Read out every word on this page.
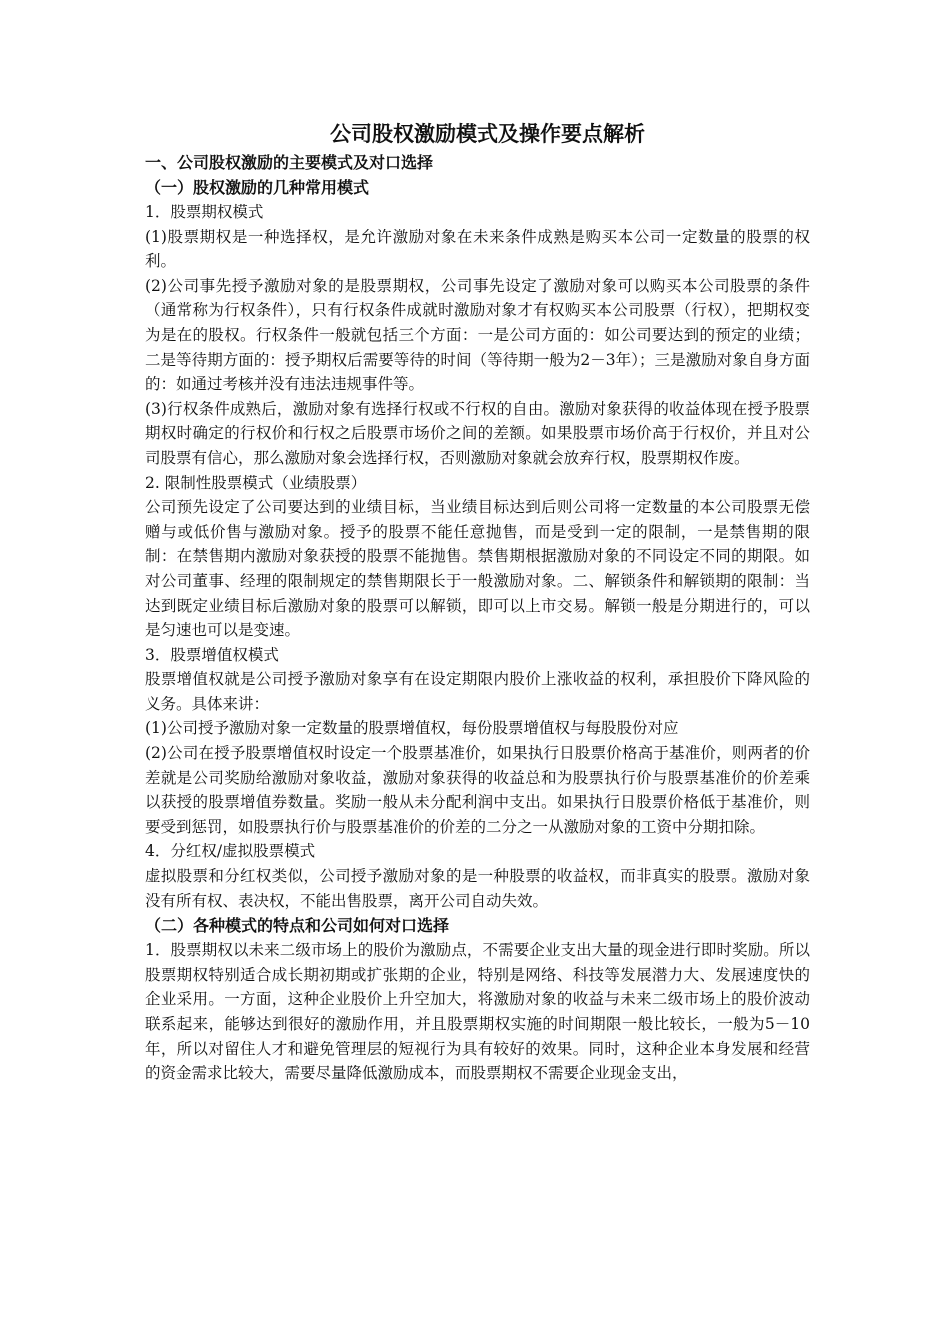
公司股权激励模式及操作要点解析
一、公司股权激励的主要模式及对口选择
（一）股权激励的几种常用模式
1．股票期权模式
(1)股票期权是一种选择权，是允许激励对象在未来条件成熟是购买本公司一定数量的股票的权利。
(2)公司事先授予激励对象的是股票期权，公司事先设定了激励对象可以购买本公司股票的条件（通常称为行权条件），只有行权条件成就时激励对象才有权购买本公司股票（行权），把期权变为是在的股权。行权条件一般就包括三个方面：一是公司方面的：如公司要达到的预定的业绩；二是等待期方面的：授予期权后需要等待的时间（等待期一般为2－3年）；三是激励对象自身方面的：如通过考核并没有违法违规事件等。
(3)行权条件成熟后，激励对象有选择行权或不行权的自由。激励对象获得的收益体现在授予股票期权时确定的行权价和行权之后股票市场价之间的差额。如果股票市场价高于行权价，并且对公司股票有信心，那么激励对象会选择行权，否则激励对象就会放弃行权，股票期权作废。
2. 限制性股票模式（业绩股票）
公司预先设定了公司要达到的业绩目标，当业绩目标达到后则公司将一定数量的本公司股票无偿赠与或低价售与激励对象。授予的股票不能任意抛售，而是受到一定的限制，一是禁售期的限制：在禁售期内激励对象获授的股票不能抛售。禁售期根据激励对象的不同设定不同的期限。如对公司董事、经理的限制规定的禁售期限长于一般激励对象。二、解锁条件和解锁期的限制：当达到既定业绩目标后激励对象的股票可以解锁，即可以上市交易。解锁一般是分期进行的，可以是匀速也可以是变速。
3．股票增值权模式
股票增值权就是公司授予激励对象享有在设定期限内股价上涨收益的权利，承担股价下降风险的义务。具体来讲：
(1)公司授予激励对象一定数量的股票增值权，每份股票增值权与每股股份对应
(2)公司在授予股票增值权时设定一个股票基准价，如果执行日股票价格高于基准价，则两者的价差就是公司奖励给激励对象收益，激励对象获得的收益总和为股票执行价与股票基准价的价差乘以获授的股票增值券数量。奖励一般从未分配利润中支出。如果执行日股票价格低于基准价，则要受到惩罚，如股票执行价与股票基准价的价差的二分之一从激励对象的工资中分期扣除。
4．分红权/虚拟股票模式
虚拟股票和分红权类似，公司授予激励对象的是一种股票的收益权，而非真实的股票。激励对象没有所有权、表决权，不能出售股票，离开公司自动失效。
（二）各种模式的特点和公司如何对口选择
1．股票期权以未来二级市场上的股价为激励点，不需要企业支出大量的现金进行即时奖励。所以股票期权特别适合成长期初期或扩张期的企业，特别是网络、科技等发展潜力大、发展速度快的企业采用。一方面，这种企业股价上升空加大，将激励对象的收益与未来二级市场上的股价波动联系起来，能够达到很好的激励作用，并且股票期权实施的时间期限一般比较长，一般为5－10年，所以对留住人才和避免管理层的短视行为具有较好的效果。同时，这种企业本身发展和经营的资金需求比较大，需要尽量降低激励成本，而股票期权不需要企业现金支出，
